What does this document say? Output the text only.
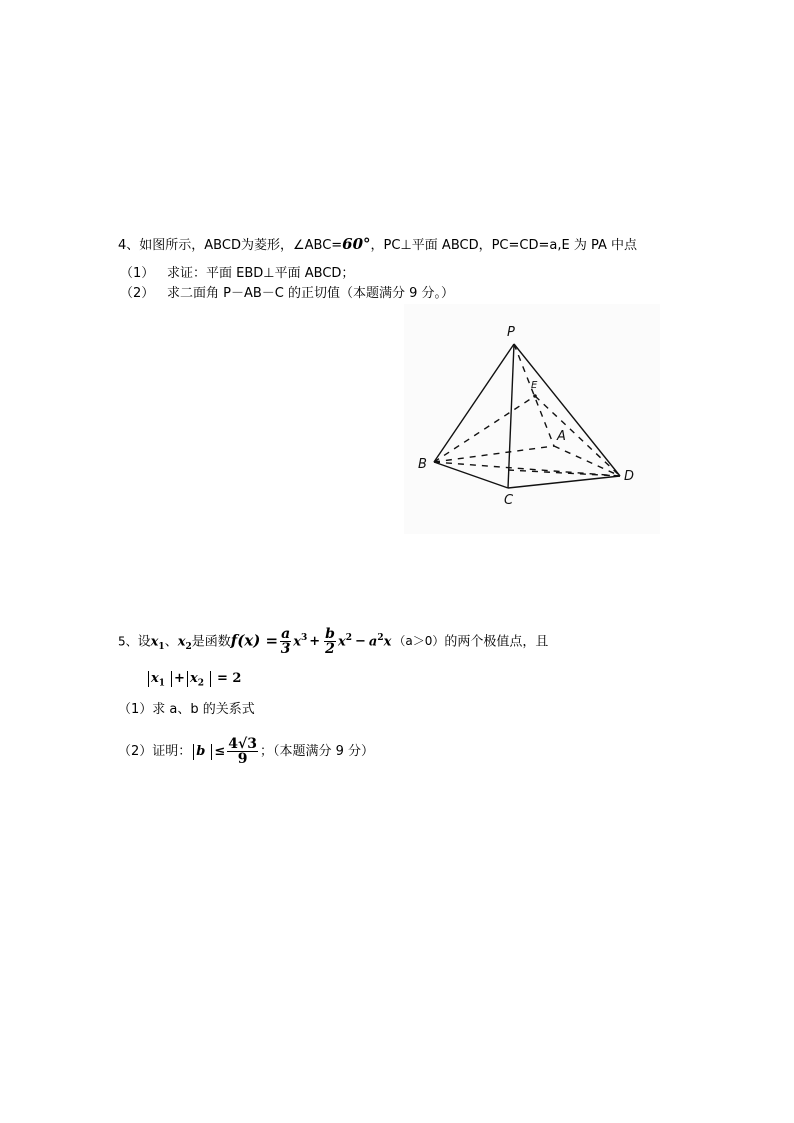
4、如图所示，ABCD为菱形，∠ABC=60°，PC⊥平面 ABCD，PC=CD=a,E 为 PA 中点
（1） 求证：平面 EBD⊥平面 ABCD；
（2） 求二面角 P－AB－C 的正切值（本题满分 9 分。）
P
E
A
B
C
D
5、设$x_1$、$x_2$是函数$f(x) = \frac{a}{3} x^3 + \frac{b}{2} x^2 - a^2x$ （a＞0）的两个极值点，且
$x_1 + x_2 = 2$
（1）求 a、b 的关系式
（2）证明： $b \le \frac{4√3}{9}$ ；（本题满分 9 分）
